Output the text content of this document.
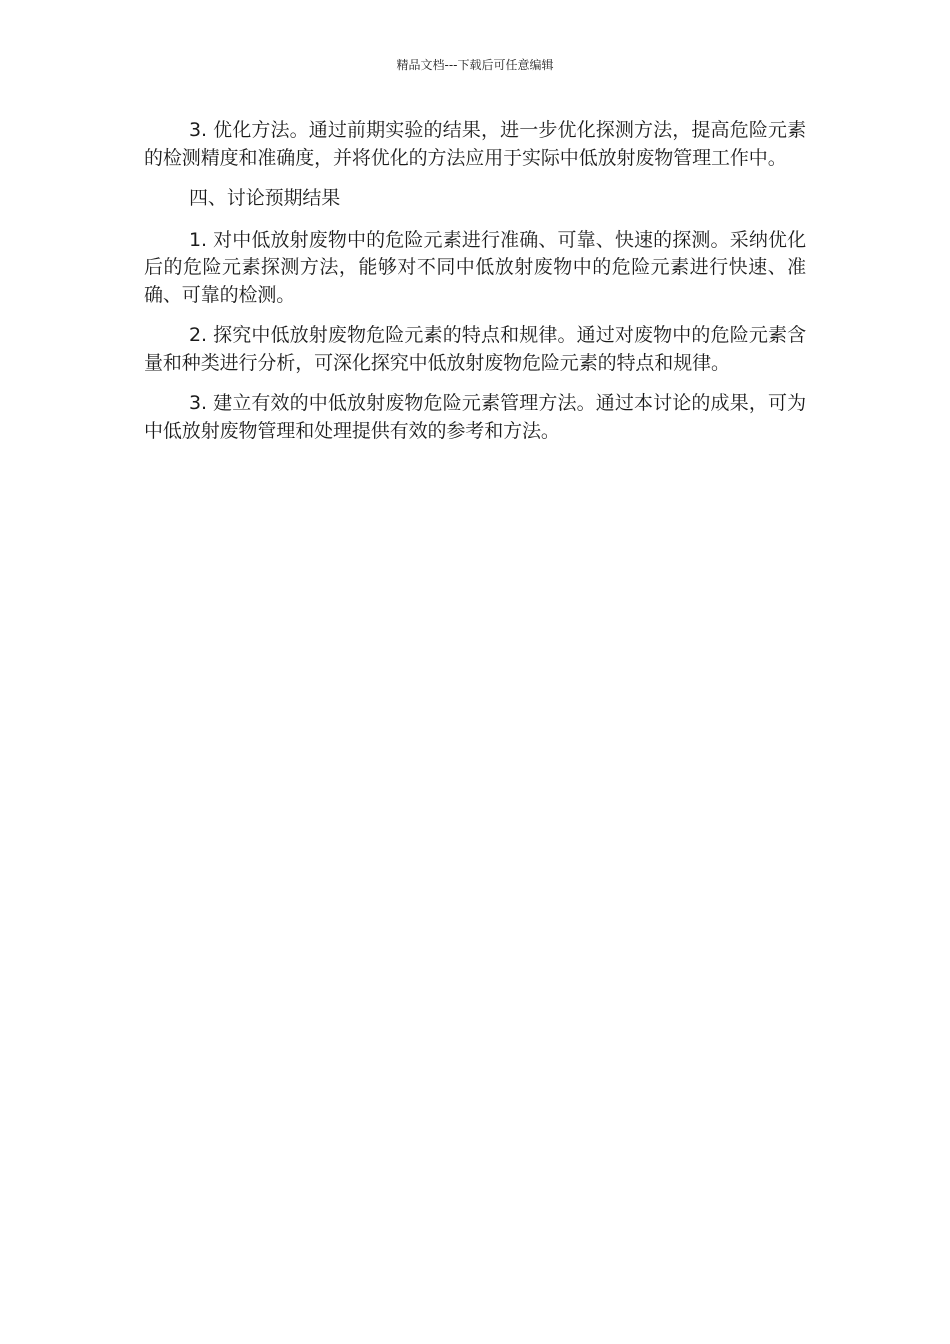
精品文档---下载后可任意编辑

3. 优化方法。通过前期实验的结果，进一步优化探测方法，提高危险元素的检测精度和准确度，并将优化的方法应用于实际中低放射废物管理工作中。

四、讨论预期结果

1. 对中低放射废物中的危险元素进行准确、可靠、快速的探测。采纳优化后的危险元素探测方法，能够对不同中低放射废物中的危险元素进行快速、准确、可靠的检测。

2. 探究中低放射废物危险元素的特点和规律。通过对废物中的危险元素含量和种类进行分析，可深化探究中低放射废物危险元素的特点和规律。

3. 建立有效的中低放射废物危险元素管理方法。通过本讨论的成果，可为中低放射废物管理和处理提供有效的参考和方法。
